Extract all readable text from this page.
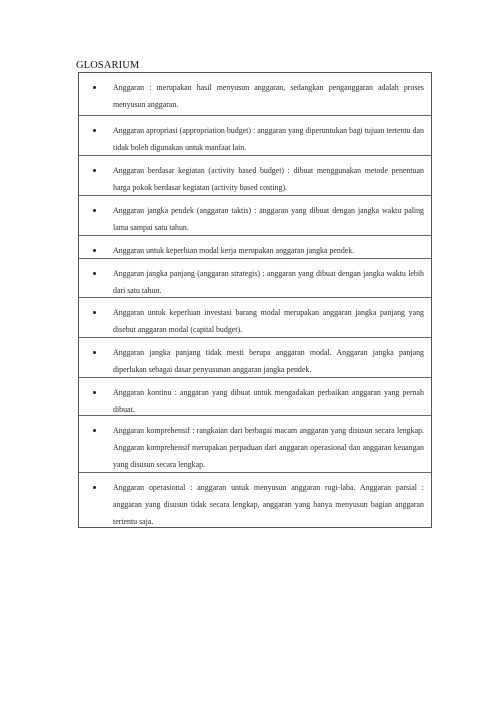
GLOSARIUM
Anggaran : merupakan hasil menyusun anggaran, sedangkan penganggaran adalah proses menyusun anggaran.
Anggaran apropriasi (appropriation budget) : anggaran yang diperuntukan bagi tujuan tertentu dan tidak boleh digunakan untuk manfaat lain.
Anggaran berdasar kegiatan (activity based budget) : dibuat menggunakan metode penentuan harga pokok berdasar kegiatan (activity based costing).
Anggaran jangka pendek (anggaran taktis) : anggaran yang dibuat dengan jangka waktu paling lama sampai satu tahun.
Anggaran untuk keperluan modal kerja merupakan anggaran jangka pendek.
Anggaran jangka panjang (anggaran strategis) : anggaran yang dibuat dengan jangka waktu lebih dari satu tahun.
Anggaran untuk keperluan investasi barang modal merupakan anggaran jangka panjang yang disebut anggaran modal (capital budget).
Anggaran jangka panjang tidak mesti berupa anggaran modal. Anggaran jangka panjang diperlukan sebagai dasar penyusunan anggaran jangka pendek.
Anggaran kontinu : anggaran yang dibuat untuk mengadakan perbaikan anggaran yang pernah dibuat.
Anggaran komprehensif : rangkaian dari berbagai macam anggaran yang disusun secara lengkap. Anggaran komprehensif merupakan perpaduan dari anggaran operasional dan anggaran keuangan yang disusun secara lengkap.
Anggaran operasional : anggaran untuk menyusun anggaran rugi-laba. Anggaran parsial : anggaran yang disusun tidak secara lengkap, anggaran yang hanya menyusun bagian anggaran tertentu saja.
